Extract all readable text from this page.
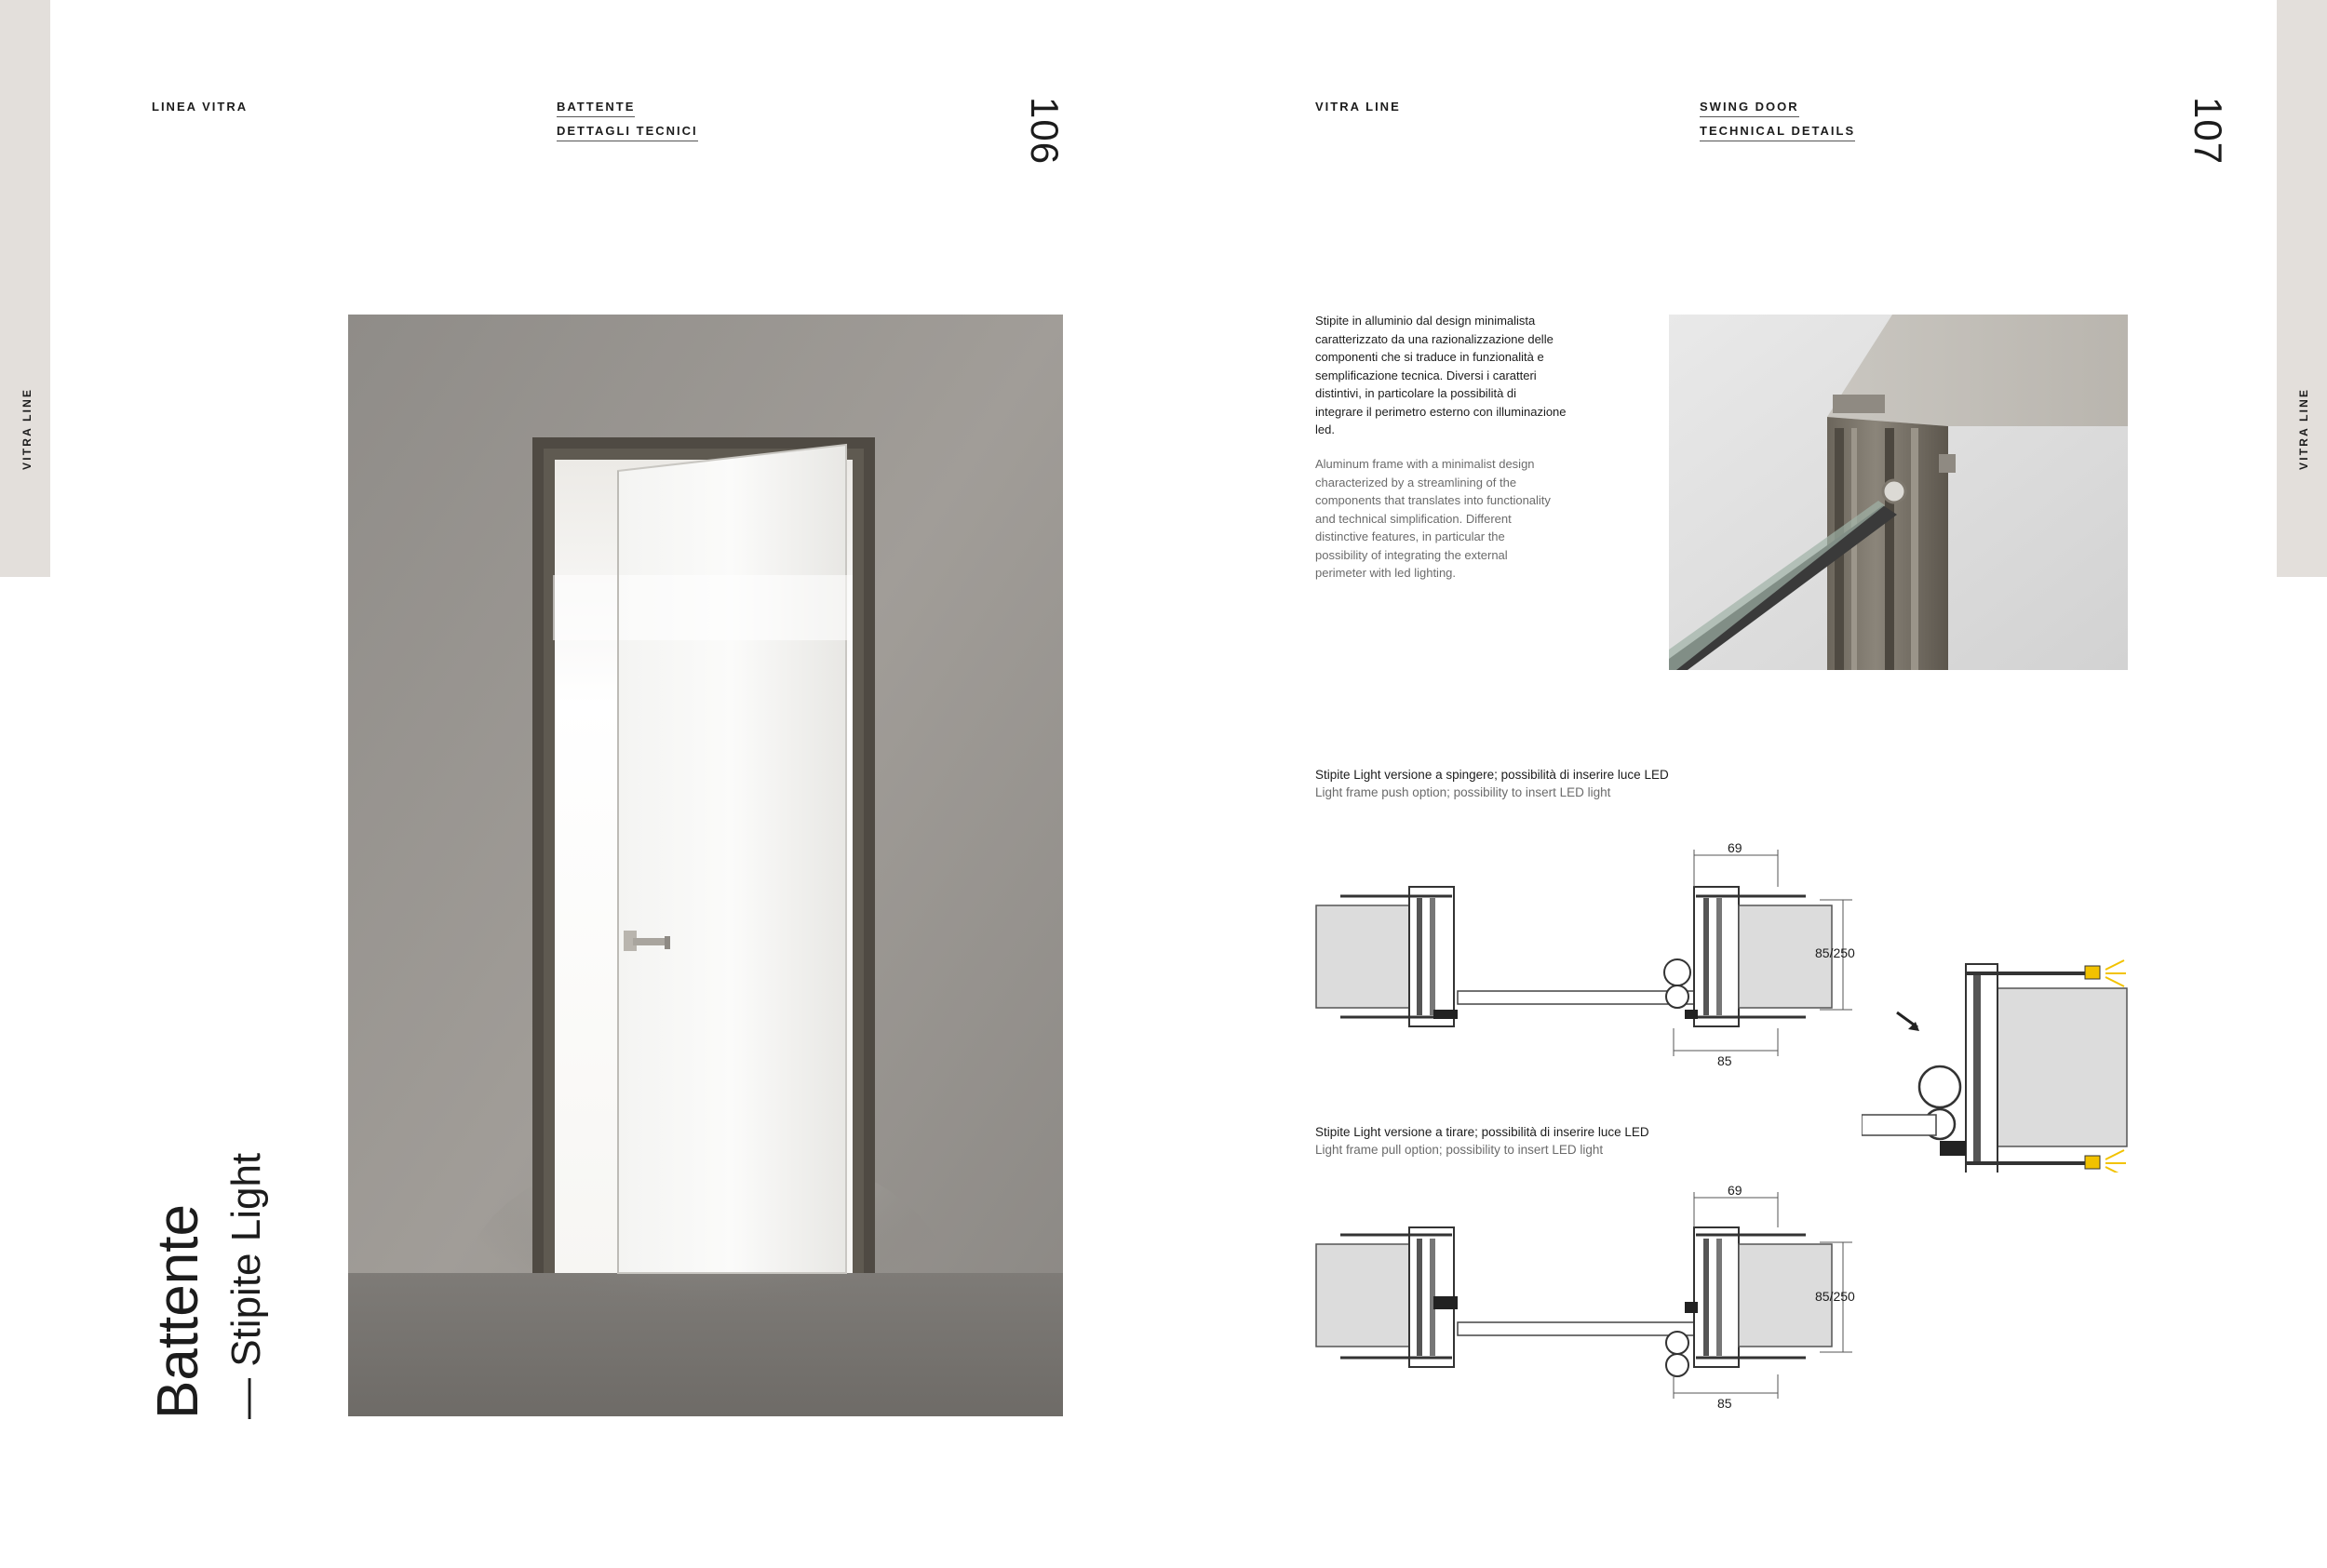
VITRA LINE
LINEA VITRA	BATTENTE
DETTAGLI TECNICI	106
Battente — Stipite Light
VITRA LINE
VITRA LINE	SWING DOOR
TECHNICAL DETAILS	107
Stipite in alluminio dal design minimalista caratterizzato da una razionalizzazione delle componenti che si traduce in funzionalità e semplificazione tecnica. Diversi i caratteri distintivi, in particolare la possibilità di integrare il perimetro esterno con illuminazione led.
Aluminum frame with a minimalist design characterized by a streamlining of the components that translates into functionality and technical simplification. Different distinctive features, in particular the possibility of integrating the external perimeter with led lighting.
Stipite Light versione a spingere; possibilità di inserire luce LED
Light frame push option; possibility to insert LED light
Stipite Light versione a tirare; possibilità di inserire luce LED
Light frame pull option; possibility to insert LED light
69
85/250
85
69
85/250
85
